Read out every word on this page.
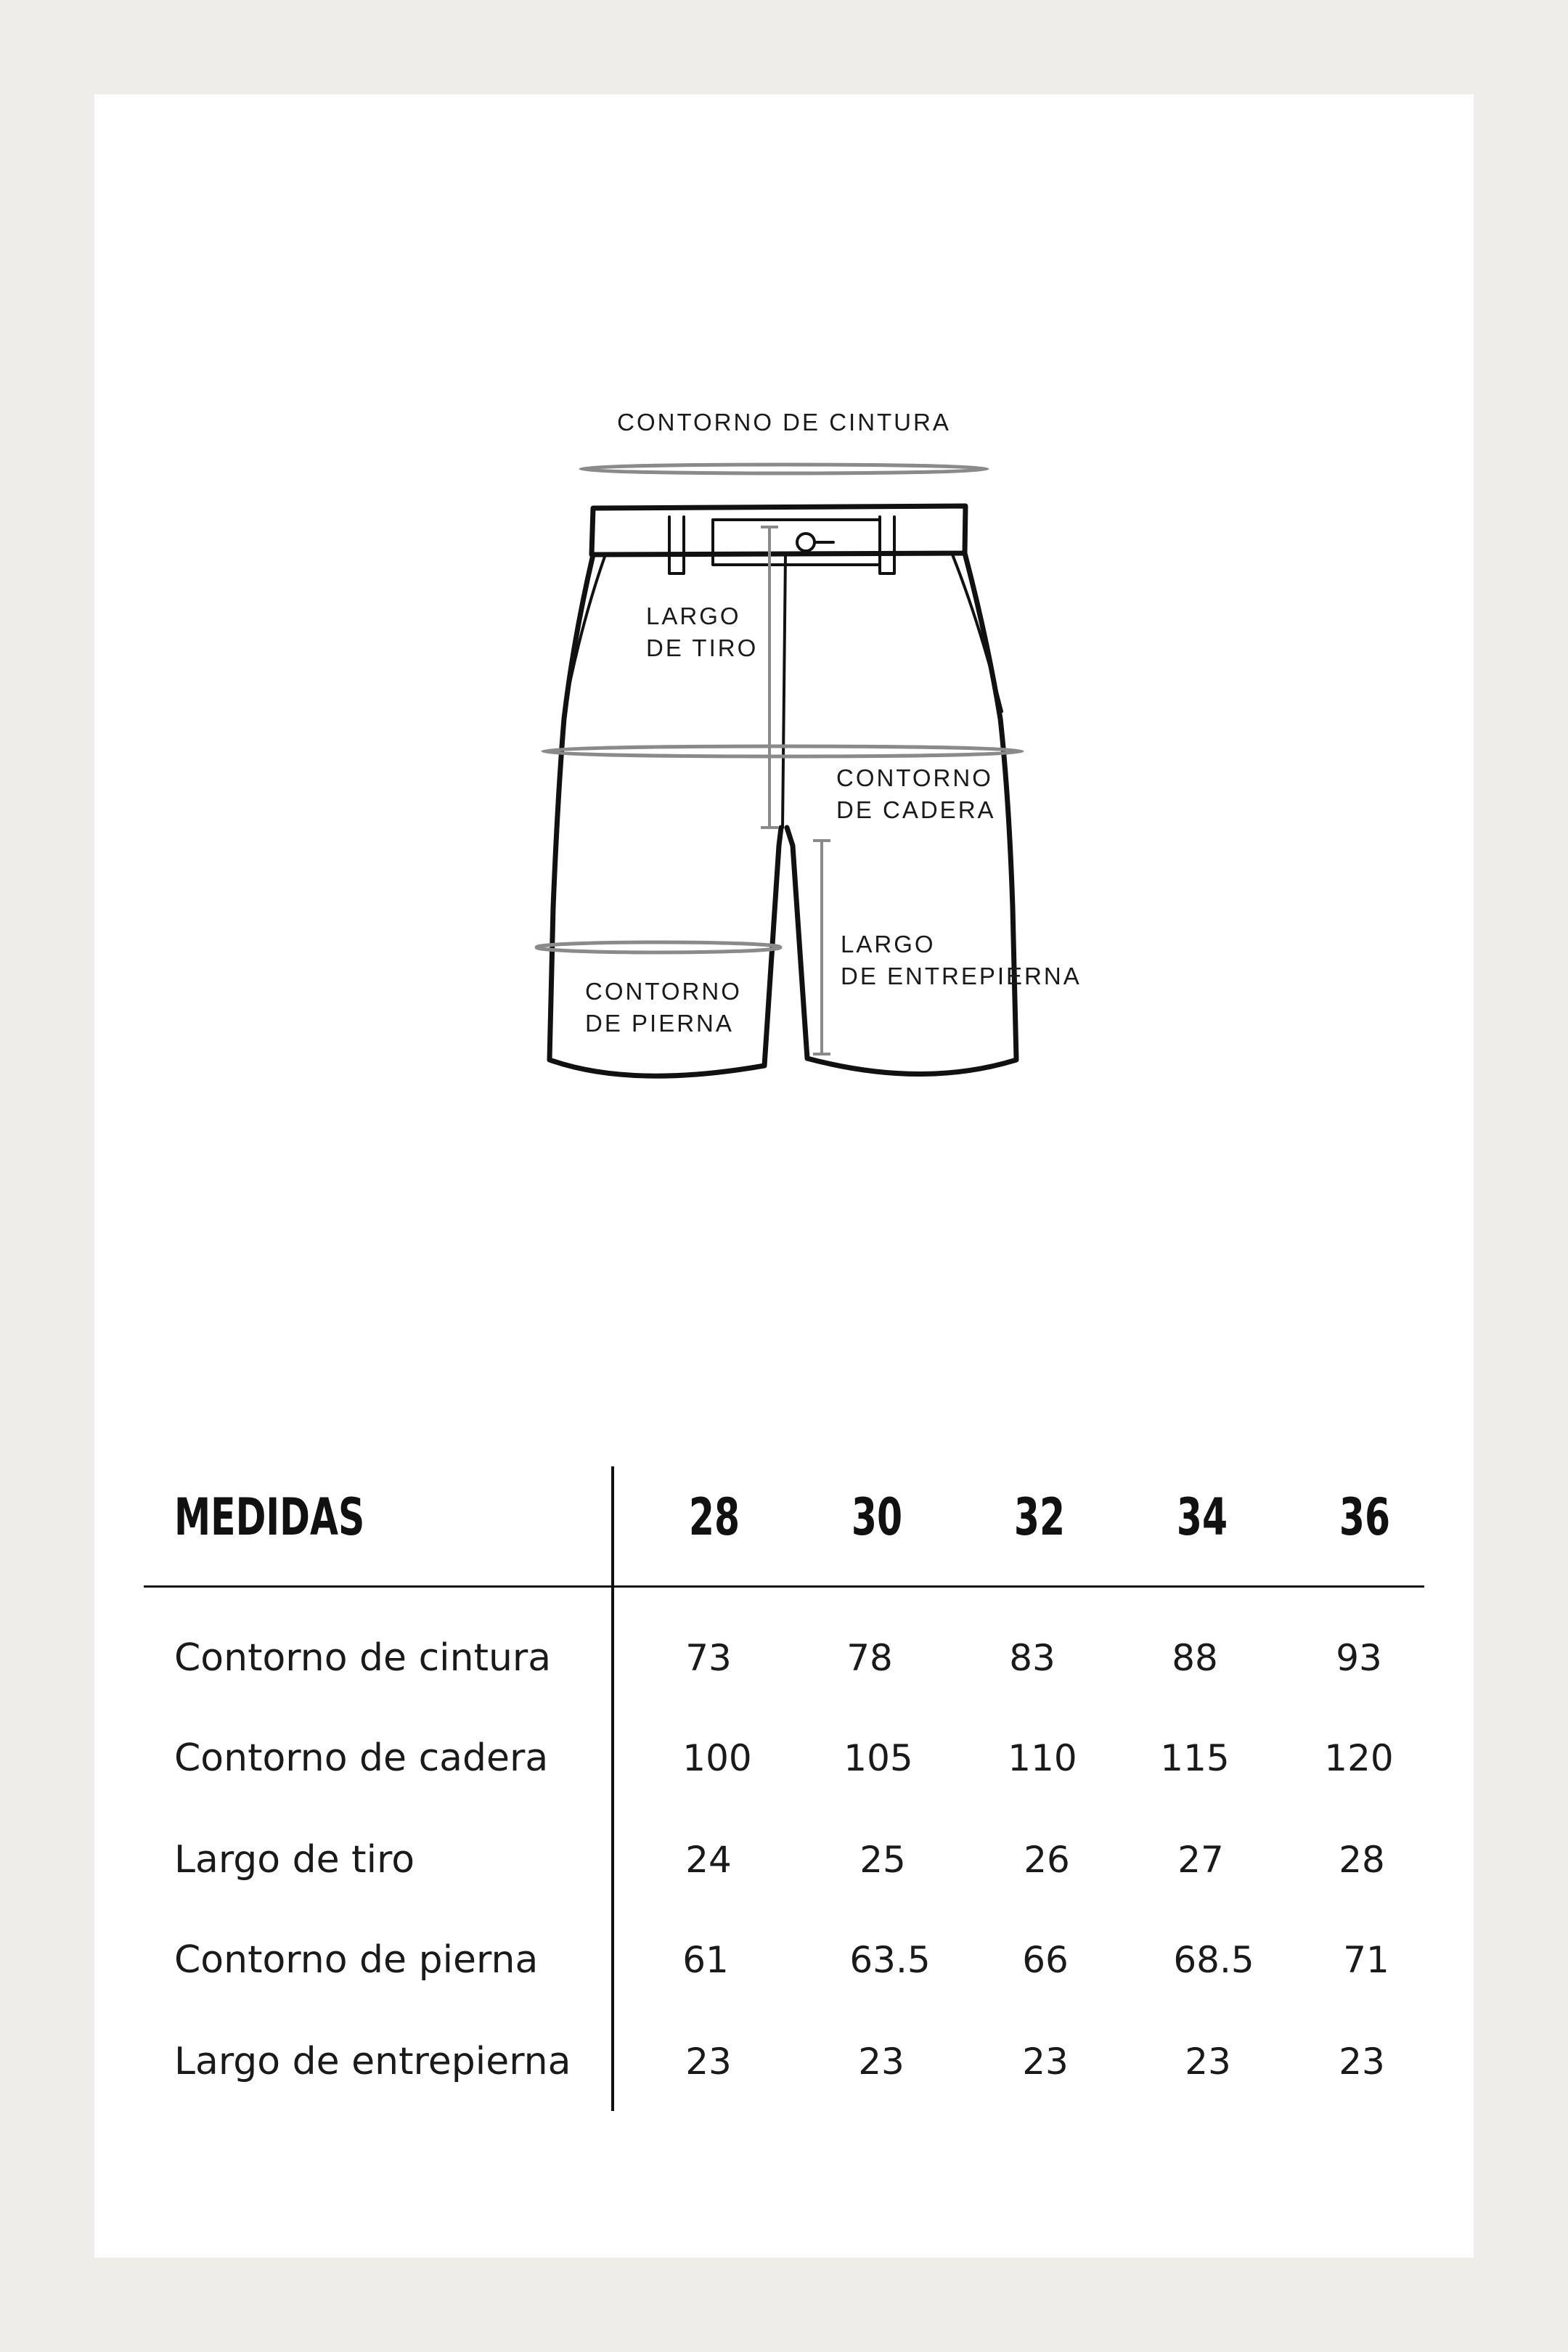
CONTORNO DE CINTURA
LARGO
DE TIRO
CONTORNO
DE CADERA
LARGO
DE ENTREPIERNA
CONTORNO
DE PIERNA
MEDIDAS	28	30	32	34	36
Contorno de cintura	73	78	83	88	93
Contorno de cadera	100	105	110	115	120
Largo de tiro	24	25	26	27	28
Contorno de pierna	61	63.5	66	68.5	71
Largo de entrepierna	23	23	23	23	23
